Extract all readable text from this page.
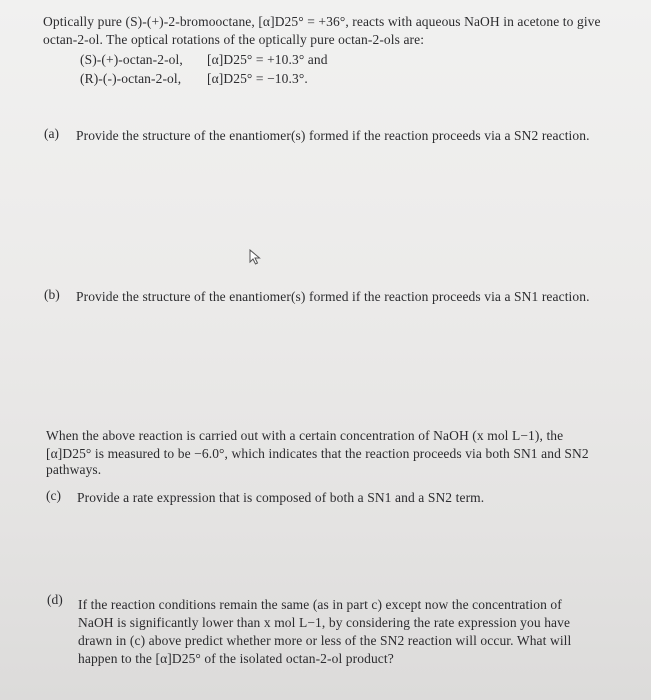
Optically pure (S)-(+)-2-bromooctane, [α]D25° = +36°, reacts with aqueous NaOH in acetone to give
octan-2-ol. The optical rotations of the optically pure octan-2-ols are:
(S)-(+)-octan-2-ol, [α]D25° = +10.3° and
(R)-(-)-octan-2-ol, [α]D25° = −10.3°.
(a) Provide the structure of the enantiomer(s) formed if the reaction proceeds via a SN2 reaction.
(b) Provide the structure of the enantiomer(s) formed if the reaction proceeds via a SN1 reaction.
When the above reaction is carried out with a certain concentration of NaOH (x mol L−1), the
[α]D25° is measured to be −6.0°, which indicates that the reaction proceeds via both SN1 and SN2
pathways.
(c) Provide a rate expression that is composed of both a SN1 and a SN2 term.
(d) If the reaction conditions remain the same (as in part c) except now the concentration of
NaOH is significantly lower than x mol L−1, by considering the rate expression you have
drawn in (c) above predict whether more or less of the SN2 reaction will occur. What will
happen to the [α]D25° of the isolated octan-2-ol product?
